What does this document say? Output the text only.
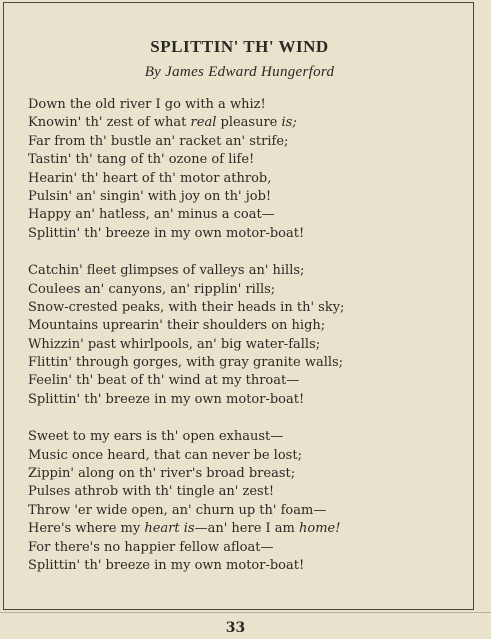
SPLITTIN' TH' WIND

By James Edward Hungerford

Down the old river I go with a whiz!
Knowin' th' zest of what real pleasure is;
Far from th' bustle an' racket an' strife;
Tastin' th' tang of th' ozone of life!
Hearin' th' heart of th' motor athrob,
Pulsin' an' singin' with joy on th' job!
Happy an' hatless, an' minus a coat—
Splittin' th' breeze in my own motor-boat!
Catchin' fleet glimpses of valleys an' hills;
Coulees an' canyons, an' ripplin' rills;
Snow-crested peaks, with their heads in th' sky;
Mountains uprearin' their shoulders on high;
Whizzin' past whirlpools, an' big water-falls;
Flittin' through gorges, with gray granite walls;
Feelin' th' beat of th' wind at my throat—
Splittin' th' breeze in my own motor-boat!
Sweet to my ears is th' open exhaust—
Music once heard, that can never be lost;
Zippin' along on th' river's broad breast;
Pulses athrob with th' tingle an' zest!
Throw 'er wide open, an' churn up th' foam—
Here's where my heart is—an' here I am home!
For there's no happier fellow afloat—
Splittin' th' breeze in my own motor-boat!

33
